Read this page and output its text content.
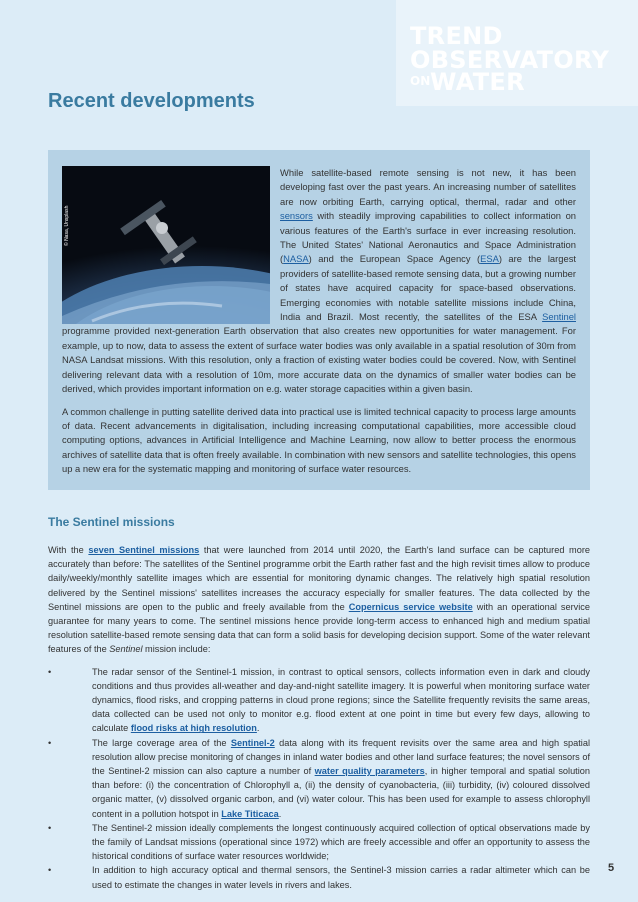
TREND
OBSERVATORY
ON WATER
Recent developments
© Nasa, Unsplash

While satellite-based remote sensing is not new, it has been developing fast over the past years. An increasing number of satellites are now orbiting Earth, carrying optical, thermal, radar and other sensors with steadily improving capabilities to collect information on various features of the Earth's surface in ever increasing resolution. The United States' National Aeronautics and Space Administration (NASA) and the European Space Agency (ESA) are the largest providers of satellite-based remote sensing data, but a growing number of states have acquired capacity for space-based observations. Emerging economies with notable satellite missions include China, India and Brazil. Most recently, the satellites of the ESA Sentinel programme provided next-generation Earth observation that also creates new opportunities for water management. For example, up to now, data to assess the extent of surface water bodies was only available in a spatial resolution of 30m from NASA Landsat missions. With this resolution, only a fraction of existing water bodies could be covered. Now, with Sentinel delivering relevant data with a resolution of 10m, more accurate data on the dynamics of smaller water bodies can be derived, which provides important information on e.g. water storage capacities within a given basin.

A common challenge in putting satellite derived data into practical use is limited technical capacity to process large amounts of data. Recent advancements in digitalisation, including increasing computational capabilities, more accessible cloud computing options, advances in Artificial Intelligence and Machine Learning, now allow to better process the enormous archives of satellite data that is often freely available. In combination with new sensors and satellite technologies, this opens up a new era for the systematic mapping and monitoring of surface water resources.

The Sentinel missions

With the seven Sentinel missions that were launched from 2014 until 2020, the Earth's land surface can be captured more accurately than before: The satellites of the Sentinel programme orbit the Earth rather fast and the high revisit times allow to produce daily/weekly/monthly satellite images which are essential for monitoring dynamic changes. The relatively high spatial resolution delivered by the Sentinel missions' satellites increases the accuracy especially for smaller features. The data collected by the Sentinel missions are open to the public and freely available from the Copernicus service website with an operational service guarantee for many years to come. The sentinel missions hence provide long-term access to enhanced high and medium spatial resolution satellite-based remote sensing data that can form a solid basis for developing decision support. Some of the water relevant features of the Sentinel mission include:

• The radar sensor of the Sentinel-1 mission, in contrast to optical sensors, collects information even in dark and cloudy conditions and thus provides all-weather and day-and-night satellite imagery. It is powerful when monitoring surface water dynamics, flood risks, and cropping patterns in cloud prone regions; since the Satellite frequently revisits the same areas, data collected can be used not only to monitor e.g. flood extent at one point in time but every few days, allowing to calculate flood risks at high resolution.
• The large coverage area of the Sentinel-2 data along with its frequent revisits over the same area and high spatial resolution allow precise monitoring of changes in inland water bodies and other land surface features; the novel sensors of the Sentinel-2 mission can also capture a number of water quality parameters, in higher temporal and spatial solution than before: (i) the concentration of Chlorophyll a, (ii) the density of cyanobacteria, (iii) turbidity, (iv) coloured dissolved organic matter, (v) dissolved organic carbon, and (vi) water colour. This has been used for example to assess chlorophyll content in a pollution hotspot in Lake Titicaca.
• The Sentinel-2 mission ideally complements the longest continuously acquired collection of optical observations made by the family of Landsat missions (operational since 1972) which are freely accessible and offer an opportunity to assess the historical conditions of surface water resources worldwide;
• In addition to high accuracy optical and thermal sensors, the Sentinel-3 mission carries a radar altimeter which can be used to estimate the changes in water levels in rivers and lakes.
5
